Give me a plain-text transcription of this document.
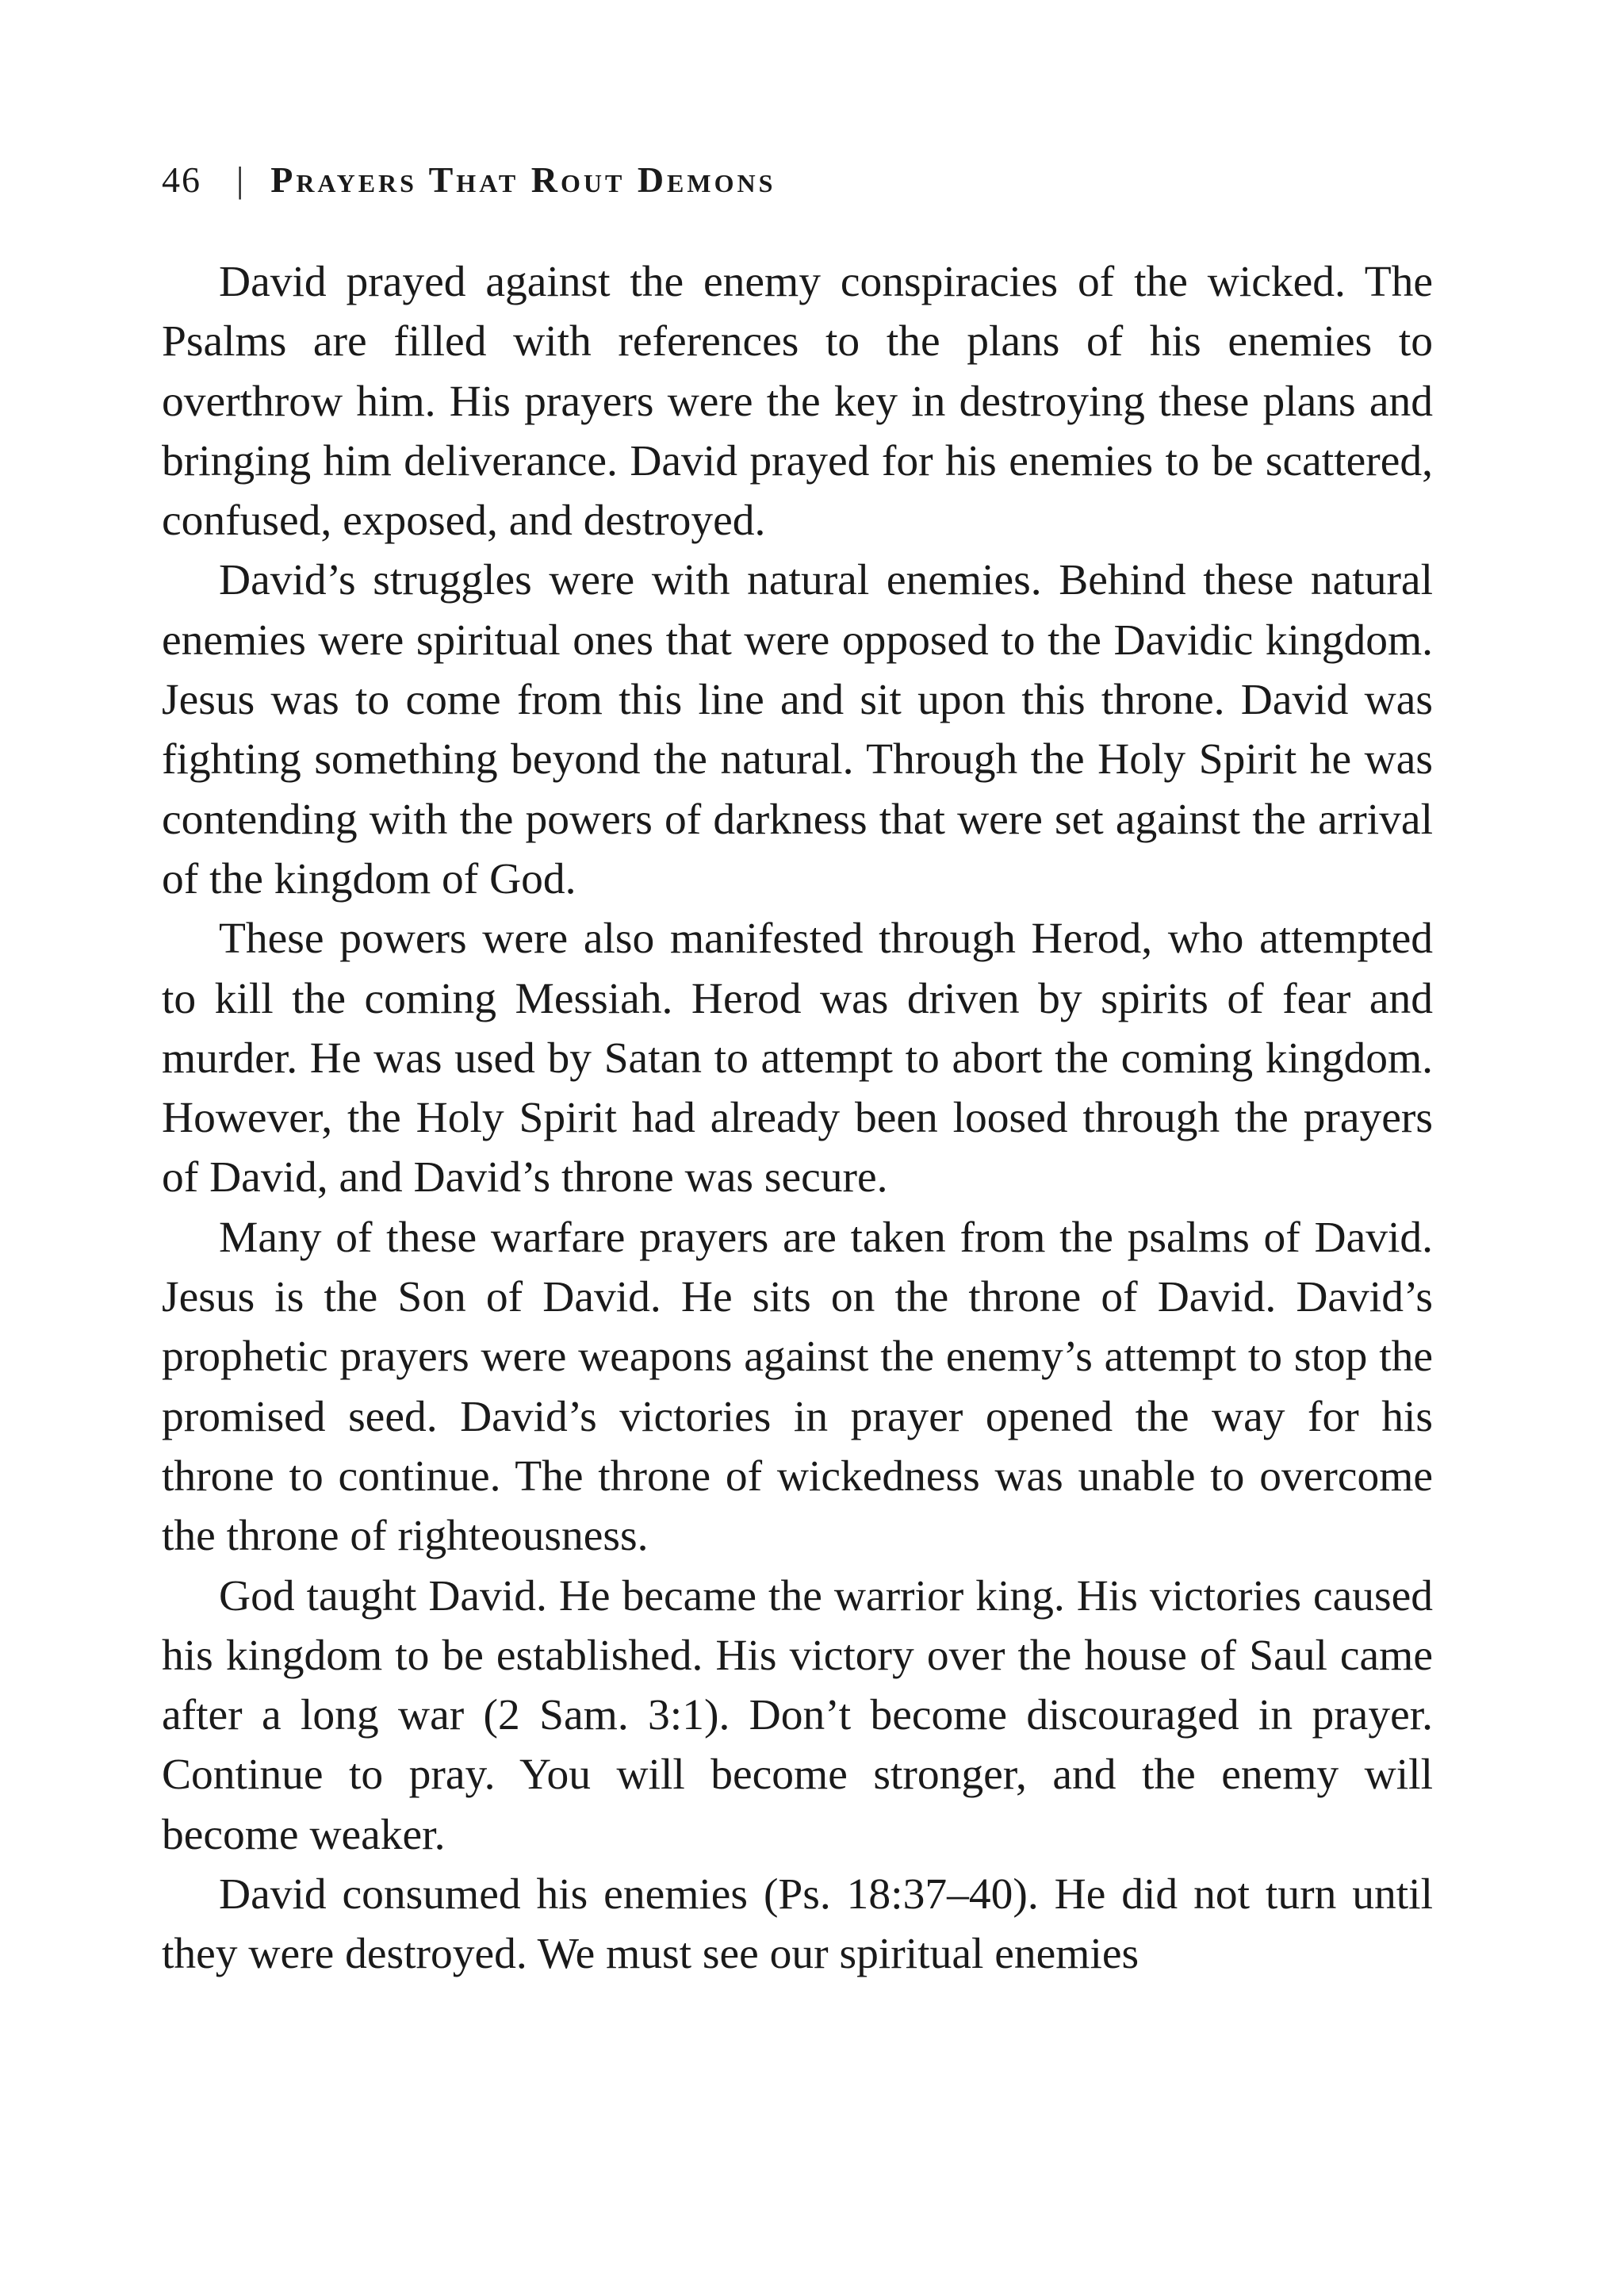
46 | Prayers That Rout Demons

David prayed against the enemy conspiracies of the wicked. The Psalms are filled with references to the plans of his enemies to overthrow him. His prayers were the key in destroying these plans and bringing him deliverance. David prayed for his enemies to be scattered, confused, exposed, and destroyed.

David’s struggles were with natural enemies. Behind these natural enemies were spiritual ones that were opposed to the Davidic kingdom. Jesus was to come from this line and sit upon this throne. David was fighting something beyond the natural. Through the Holy Spirit he was contending with the powers of darkness that were set against the arrival of the kingdom of God.

These powers were also manifested through Herod, who attempted to kill the coming Messiah. Herod was driven by spirits of fear and murder. He was used by Satan to attempt to abort the coming kingdom. However, the Holy Spirit had already been loosed through the prayers of David, and David’s throne was secure.

Many of these warfare prayers are taken from the psalms of David. Jesus is the Son of David. He sits on the throne of David. David’s prophetic prayers were weapons against the enemy’s attempt to stop the promised seed. David’s victories in prayer opened the way for his throne to continue. The throne of wickedness was unable to overcome the throne of righteousness.

God taught David. He became the warrior king. His victories caused his kingdom to be established. His victory over the house of Saul came after a long war (2 Sam. 3:1). Don’t become discouraged in prayer. Continue to pray. You will become stronger, and the enemy will become weaker.

David consumed his enemies (Ps. 18:37–40). He did not turn until they were destroyed. We must see our spiritual enemies
